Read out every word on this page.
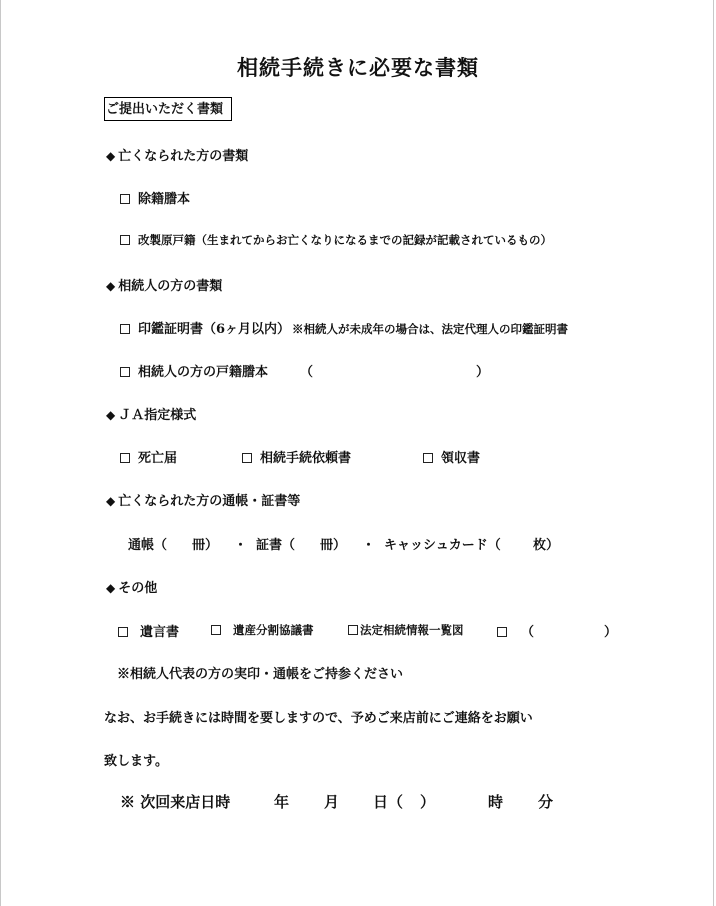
相続手続きに必要な書類
ご提出いただく書類
◆ 亡くなられた方の書類
除籍謄本
改製原戸籍（生まれてからお亡くなりになるまでの記録が記載されているもの）
◆ 相続人の方の書類
印鑑証明書（6ヶ月以内） ※相続人が未成年の場合は、法定代理人の印鑑証明書
相続人の方の戸籍謄本 （	）
◆ ＪＡ指定様式
死亡届	相続手続依頼書	領収書
◆ 亡くなられた方の通帳・証書等
通帳（ 冊） ・ 証書（ 冊） ・ キャッシュカード（ 枚）
◆ その他
遺言書	遺産分割協議書	法定相続情報一覧図	（	）
※相続人代表の方の実印・通帳をご持参ください
なお、お手続きには時間を要しますので、予めご来店前にご連絡をお願い
致します。
※ 次回来店日時	年 月 日（ ）	時 分
